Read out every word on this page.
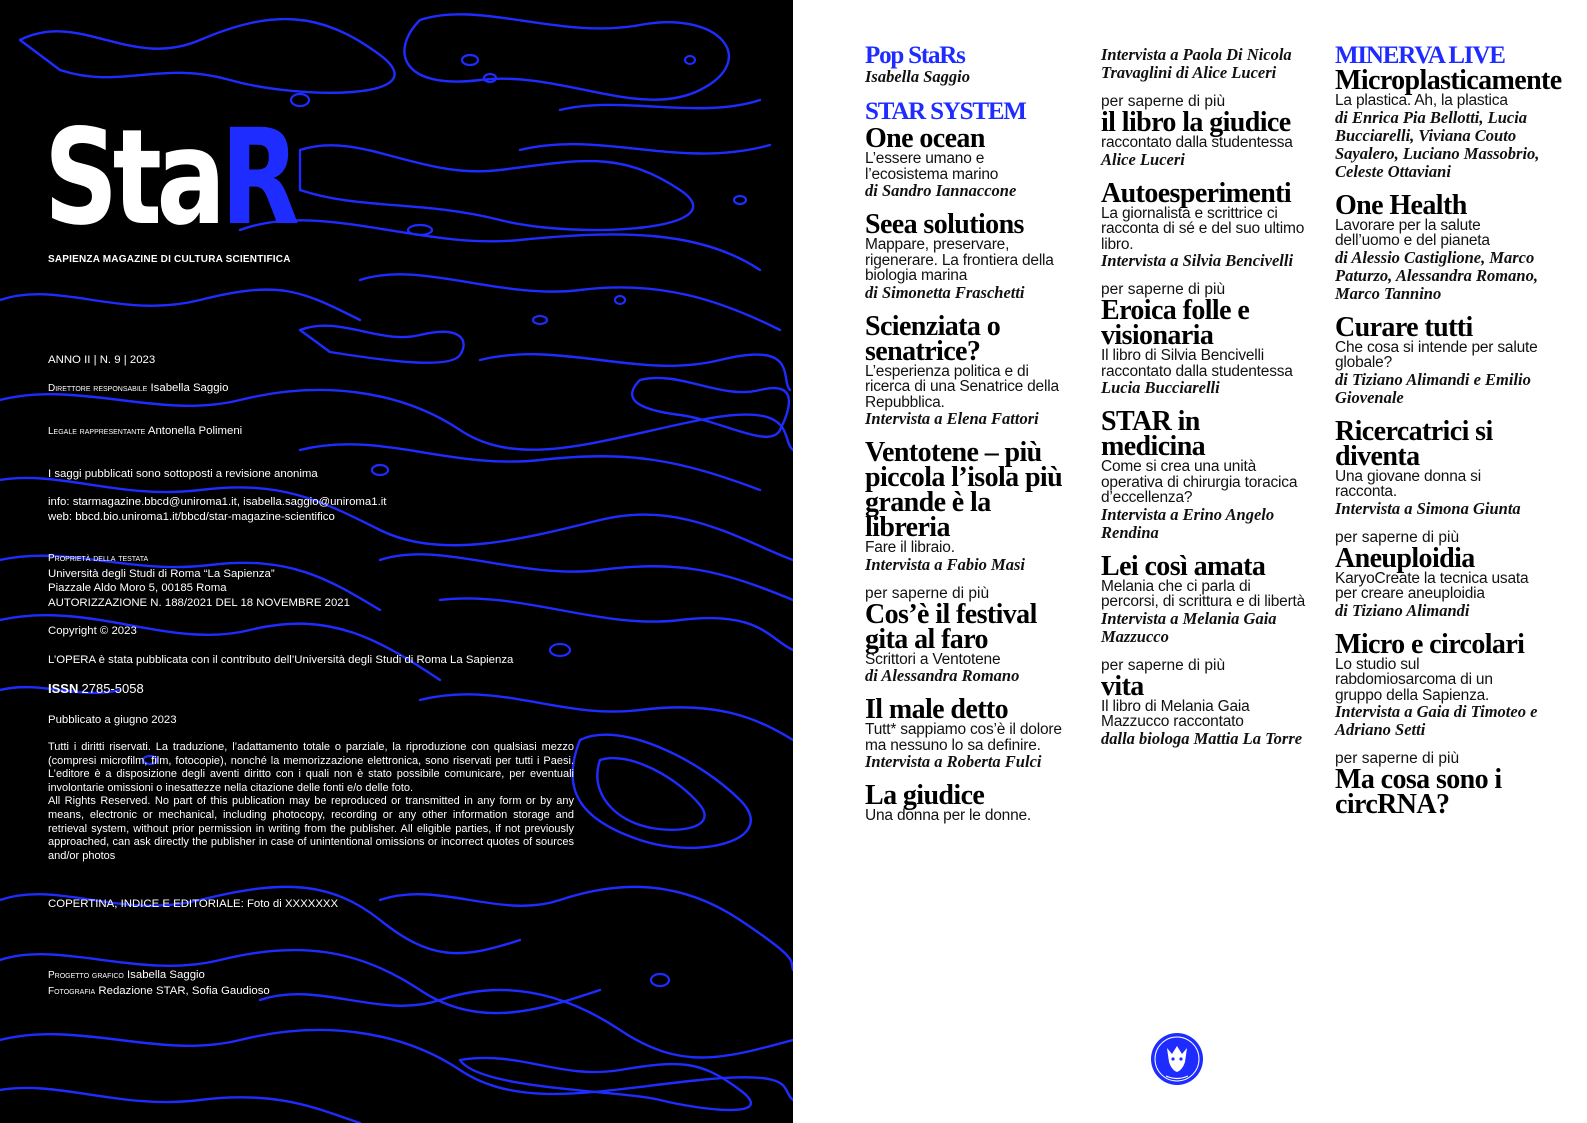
StaR
SAPIENZA MAGAZINE DI CULTURA SCIENTIFICA
ANNO II | N. 9 | 2023
Direttore responsabile Isabella Saggio
Legale rappresentante Antonella Polimeni
I saggi pubblicati sono sottoposti a revisione anonima
info: starmagazine.bbcd@uniroma1.it, isabella.saggio@uniroma1.it
web: bbcd.bio.uniroma1.it/bbcd/star-magazine-scientifico
Proprietà della testata
Università degli Studi di Roma “La Sapienza”
Piazzale Aldo Moro 5, 00185 Roma
AUTORIZZAZIONE N. 188/2021 DEL 18 NOVEMBRE 2021
Copyright © 2023
L’OPERA è stata pubblicata con il contributo dell’Università degli Studi di Roma La Sapienza
ISSN 2785-5058
Pubblicato a giugno 2023
Tutti i diritti riservati. La traduzione, l’adattamento totale o parziale, la riproduzione con qualsiasi mezzo (compresi microfilm, film, fotocopie), nonché la memorizzazione elettronica, sono riservati per tutti i Paesi. L’editore è a disposizione degli aventi diritto con i quali non è stato possibile comunicare, per eventuali involontarie omissioni o inesattezze nella citazione delle fonti e/o delle foto.
All Rights Reserved. No part of this publication may be reproduced or transmitted in any form or by any means, electronic or mechanical, including photocopy, recording or any other information storage and retrieval system, without prior permission in writing from the publisher. All eligible parties, if not previously approached, can ask directly the publisher in case of unintentional omissions or incorrect quotes of sources and/or photos
COPERTINA, INDICE E EDITORIALE: Foto di XXXXXXX
Progetto grafico Isabella Saggio
Fotografia Redazione STAR, Sofia Gaudioso
Pop StaRs
Isabella Saggio
STAR SYSTEM
One ocean
L’essere umano e l’ecosistema marino
di Sandro Iannaccone
Seea solutions
Mappare, preservare, rigenerare. La frontiera della biologia marina
di Simonetta Fraschetti
Scienziata o senatrice?
L’esperienza politica e di ricerca di una Senatrice della Repubblica.
Intervista a Elena Fattori
Ventotene – più piccola l’isola più grande è la libreria
Fare il libraio.
Intervista a Fabio Masi
per saperne di più
Cos’è il festival gita al faro
Scrittori a Ventotene
di Alessandra Romano
Il male detto
Tutt* sappiamo cos’è il dolore ma nessuno lo sa definire.
Intervista a Roberta Fulci
La giudice
Una donna per le donne.
Intervista a Paola Di Nicola Travaglini di Alice Luceri
per saperne di più
il libro la giudice
raccontato dalla studentessa
Alice Luceri
Autoesperimenti
La giornalista e scrittrice ci racconta di sé e del suo ultimo libro.
Intervista a Silvia Bencivelli
per saperne di più
Eroica folle e visionaria
Il libro di Silvia Bencivelli raccontato dalla studentessa
Lucia Bucciarelli
STAR in medicina
Come si crea una unità operativa di chirurgia toracica d’eccellenza?
Intervista a Erino Angelo Rendina
Lei così amata
Melania che ci parla di percorsi, di scrittura e di libertà
Intervista a Melania Gaia Mazzucco
per saperne di più
vita
Il libro di Melania Gaia Mazzucco raccontato
dalla biologa Mattia La Torre
MINERVA LIVE
Microplasticamente
La plastica. Ah, la plastica
di Enrica Pia Bellotti, Lucia Bucciarelli, Viviana Couto Sayalero, Luciano Massobrio, Celeste Ottaviani
One Health
Lavorare per la salute dell’uomo e del pianeta
di Alessio Castiglione, Marco Paturzo, Alessandra Romano, Marco Tannino
Curare tutti
Che cosa si intende per salute globale?
di Tiziano Alimandi e Emilio Giovenale
Ricercatrici si diventa
Una giovane donna si racconta.
Intervista a Simona Giunta
per saperne di più
Aneuploidia
KaryoCreate la tecnica usata per creare aneuploidia
di Tiziano Alimandi
Micro e circolari
Lo studio sul rabdomiosarcoma di un gruppo della Sapienza.
Intervista a Gaia di Timoteo e Adriano Setti
per saperne di più
Ma cosa sono i circRNA?
